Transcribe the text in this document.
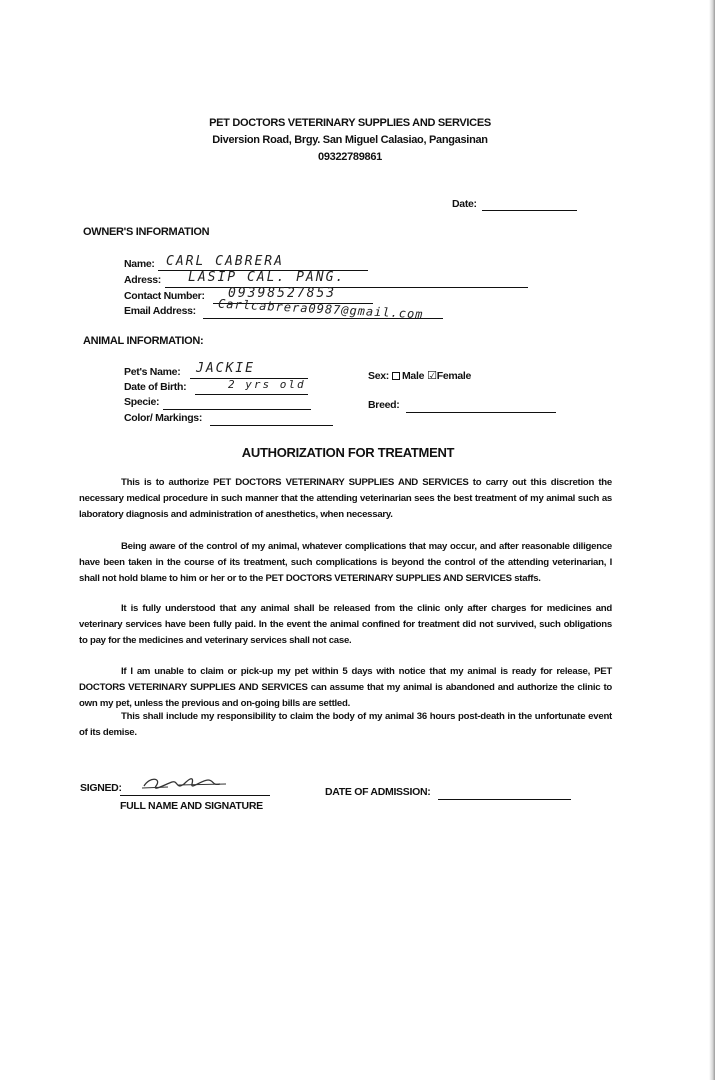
PET DOCTORS VETERINARY SUPPLIES AND SERVICES
Diversion Road, Brgy. San Miguel Calasiao, Pangasinan
09322789861
Date:
OWNER'S INFORMATION
Name: CARL CABRERA
Adress: LASIP CAL. PANG.
Contact Number: 09398527853
Email Address: Carlcabrera0987@gmail.com
ANIMAL INFORMATION:
Pet's Name: JACKIE
Date of Birth:	2 yrs old
Specie:
Color/ Markings:
Sex: Male ☑Female
Breed:
AUTHORIZATION FOR TREATMENT

This is to authorize PET DOCTORS VETERINARY SUPPLIES AND SERVICES to carry out this discretion the necessary medical procedure in such manner that the attending veterinarian sees the best treatment of my animal such as laboratory diagnosis and administration of anesthetics, when necessary.

Being aware of the control of my animal, whatever complications that may occur, and after reasonable diligence have been taken in the course of its treatment, such complications is beyond the control of the attending veterinarian, I shall not hold blame to him or her or to the PET DOCTORS VETERINARY SUPPLIES AND SERVICES staffs.

It is fully understood that any animal shall be released from the clinic only after charges for medicines and veterinary services have been fully paid. In the event the animal confined for treatment did not survived, such obligations to pay for the medicines and veterinary services shall not case.

If I am unable to claim or pick-up my pet within 5 days with notice that my animal is ready for release, PET DOCTORS VETERINARY SUPPLIES AND SERVICES can assume that my animal is abandoned and authorize the clinic to own my pet, unless the previous and on-going bills are settled.

This shall include my responsibility to claim the body of my animal 36 hours post-death in the unfortunate event of its demise.

SIGNED:
FULL NAME AND SIGNATURE
DATE OF ADMISSION:
